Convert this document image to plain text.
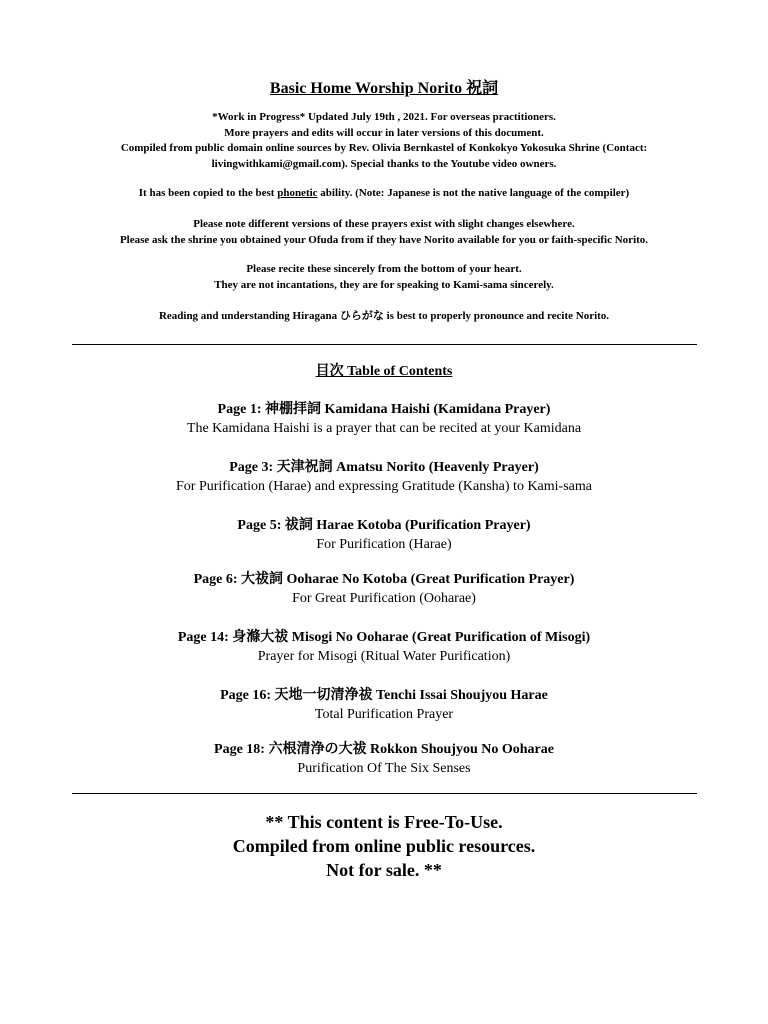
Basic Home Worship Norito 祝詞
*Work in Progress* Updated July 19th , 2021. For overseas practitioners.
More prayers and edits will occur in later versions of this document.
Compiled from public domain online sources by Rev. Olivia Bernkastel of Konkokyo Yokosuka Shrine (Contact:
livingwithkami@gmail.com). Special thanks to the Youtube video owners.
It has been copied to the best phonetic ability. (Note: Japanese is not the native language of the compiler)
Please note different versions of these prayers exist with slight changes elsewhere.
Please ask the shrine you obtained your Ofuda from if they have Norito available for you or faith-specific Norito.
Please recite these sincerely from the bottom of your heart.
They are not incantations, they are for speaking to Kami-sama sincerely.
Reading and understanding Hiragana ひらがな is best to properly pronounce and recite Norito.
目次 Table of Contents
Page 1: 神棚拝詞 Kamidana Haishi (Kamidana Prayer)
The Kamidana Haishi is a prayer that can be recited at your Kamidana
Page 3: 天津祝詞 Amatsu Norito (Heavenly Prayer)
For Purification (Harae) and expressing Gratitude (Kansha) to Kami-sama
Page 5: 祓詞 Harae Kotoba (Purification Prayer)
For Purification (Harae)
Page 6: 大祓詞 Ooharae No Kotoba (Great Purification Prayer)
For Great Purification (Ooharae)
Page 14: 身滌大祓 Misogi No Ooharae (Great Purification of Misogi)
Prayer for Misogi (Ritual Water Purification)
Page 16: 天地一切清浄祓 Tenchi Issai Shoujyou Harae
Total Purification Prayer
Page 18: 六根清浄の大祓 Rokkon Shoujyou No Ooharae
Purification Of The Six Senses
** This content is Free-To-Use.
Compiled from online public resources.
Not for sale. **
